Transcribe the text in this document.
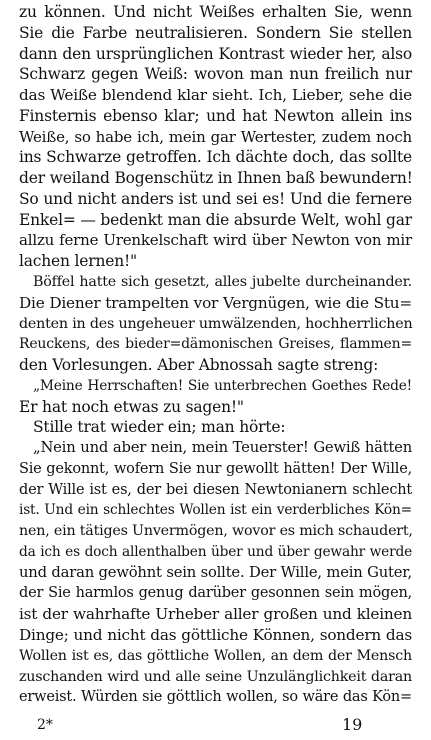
zu können. Und nicht Weißes erhalten Sie, wenn
Sie die Farbe neutralisieren. Sondern Sie stellen
dann den ursprünglichen Kontrast wieder her, also
Schwarz gegen Weiß: wovon man nun freilich nur
das Weiße blendend klar sieht. Ich, Lieber, sehe die
Finsternis ebenso klar; und hat Newton allein ins
Weiße, so habe ich, mein gar Wertester, zudem noch
ins Schwarze getroffen. Ich dächte doch, das sollte
der weiland Bogenschütz in Ihnen baß bewundern!
So und nicht anders ist und sei es! Und die fernere
Enkel= — bedenkt man die absurde Welt, wohl gar
allzu ferne Urenkelschaft wird über Newton von mir
lachen lernen!"
Böffel hatte sich gesetzt, alles jubelte durcheinander.
Die Diener trampelten vor Vergnügen, wie die Stu=
denten in des ungeheuer umwälzenden, hochherrlichen
Reuckens, des bieder=dämonischen Greises, flammen=
den Vorlesungen. Aber Abnossah sagte streng:
„Meine Herrschaften! Sie unterbrechen Goethes Rede!
Er hat noch etwas zu sagen!"
Stille trat wieder ein; man hörte:
„Nein und aber nein, mein Teuerster! Gewiß hätten
Sie gekonnt, wofern Sie nur gewollt hätten! Der Wille,
der Wille ist es, der bei diesen Newtonianern schlecht
ist. Und ein schlechtes Wollen ist ein verderbliches Kön=
nen, ein tätiges Unvermögen, wovor es mich schaudert,
da ich es doch allenthalben über und über gewahr werde
und daran gewöhnt sein sollte. Der Wille, mein Guter,
der Sie harmlos genug darüber gesonnen sein mögen,
ist der wahrhafte Urheber aller großen und kleinen
Dinge; und nicht das göttliche Können, sondern das
Wollen ist es, das göttliche Wollen, an dem der Mensch
zuschanden wird und alle seine Unzulänglichkeit daran
erweist. Würden sie göttlich wollen, so wäre das Kön=
2*	19
